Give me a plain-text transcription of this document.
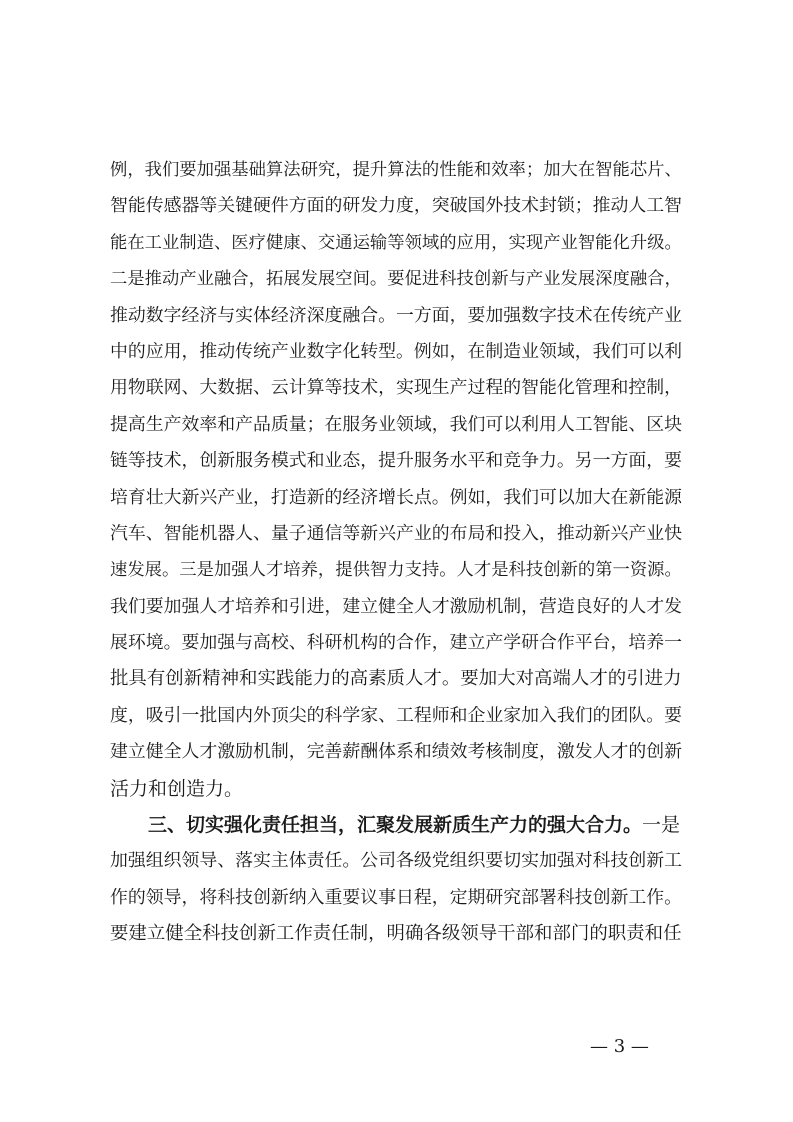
例，我们要加强基础算法研究，提升算法的性能和效率；加大在智能芯片、
智能传感器等关键硬件方面的研发力度，突破国外技术封锁；推动人工智
能在工业制造、医疗健康、交通运输等领域的应用，实现产业智能化升级。
二是推动产业融合，拓展发展空间。要促进科技创新与产业发展深度融合，
推动数字经济与实体经济深度融合。一方面，要加强数字技术在传统产业
中的应用，推动传统产业数字化转型。例如，在制造业领域，我们可以利
用物联网、大数据、云计算等技术，实现生产过程的智能化管理和控制，
提高生产效率和产品质量；在服务业领域，我们可以利用人工智能、区块
链等技术，创新服务模式和业态，提升服务水平和竞争力。另一方面，要
培育壮大新兴产业，打造新的经济增长点。例如，我们可以加大在新能源
汽车、智能机器人、量子通信等新兴产业的布局和投入，推动新兴产业快
速发展。三是加强人才培养，提供智力支持。人才是科技创新的第一资源。
我们要加强人才培养和引进，建立健全人才激励机制，营造良好的人才发
展环境。要加强与高校、科研机构的合作，建立产学研合作平台，培养一
批具有创新精神和实践能力的高素质人才。要加大对高端人才的引进力
度，吸引一批国内外顶尖的科学家、工程师和企业家加入我们的团队。要
建立健全人才激励机制，完善薪酬体系和绩效考核制度，激发人才的创新
活力和创造力。
三、切实强化责任担当，汇聚发展新质生产力的强大合力。一是
加强组织领导、落实主体责任。公司各级党组织要切实加强对科技创新工
作的领导，将科技创新纳入重要议事日程，定期研究部署科技创新工作。
要建立健全科技创新工作责任制，明确各级领导干部和部门的职责和任
— 3 —
